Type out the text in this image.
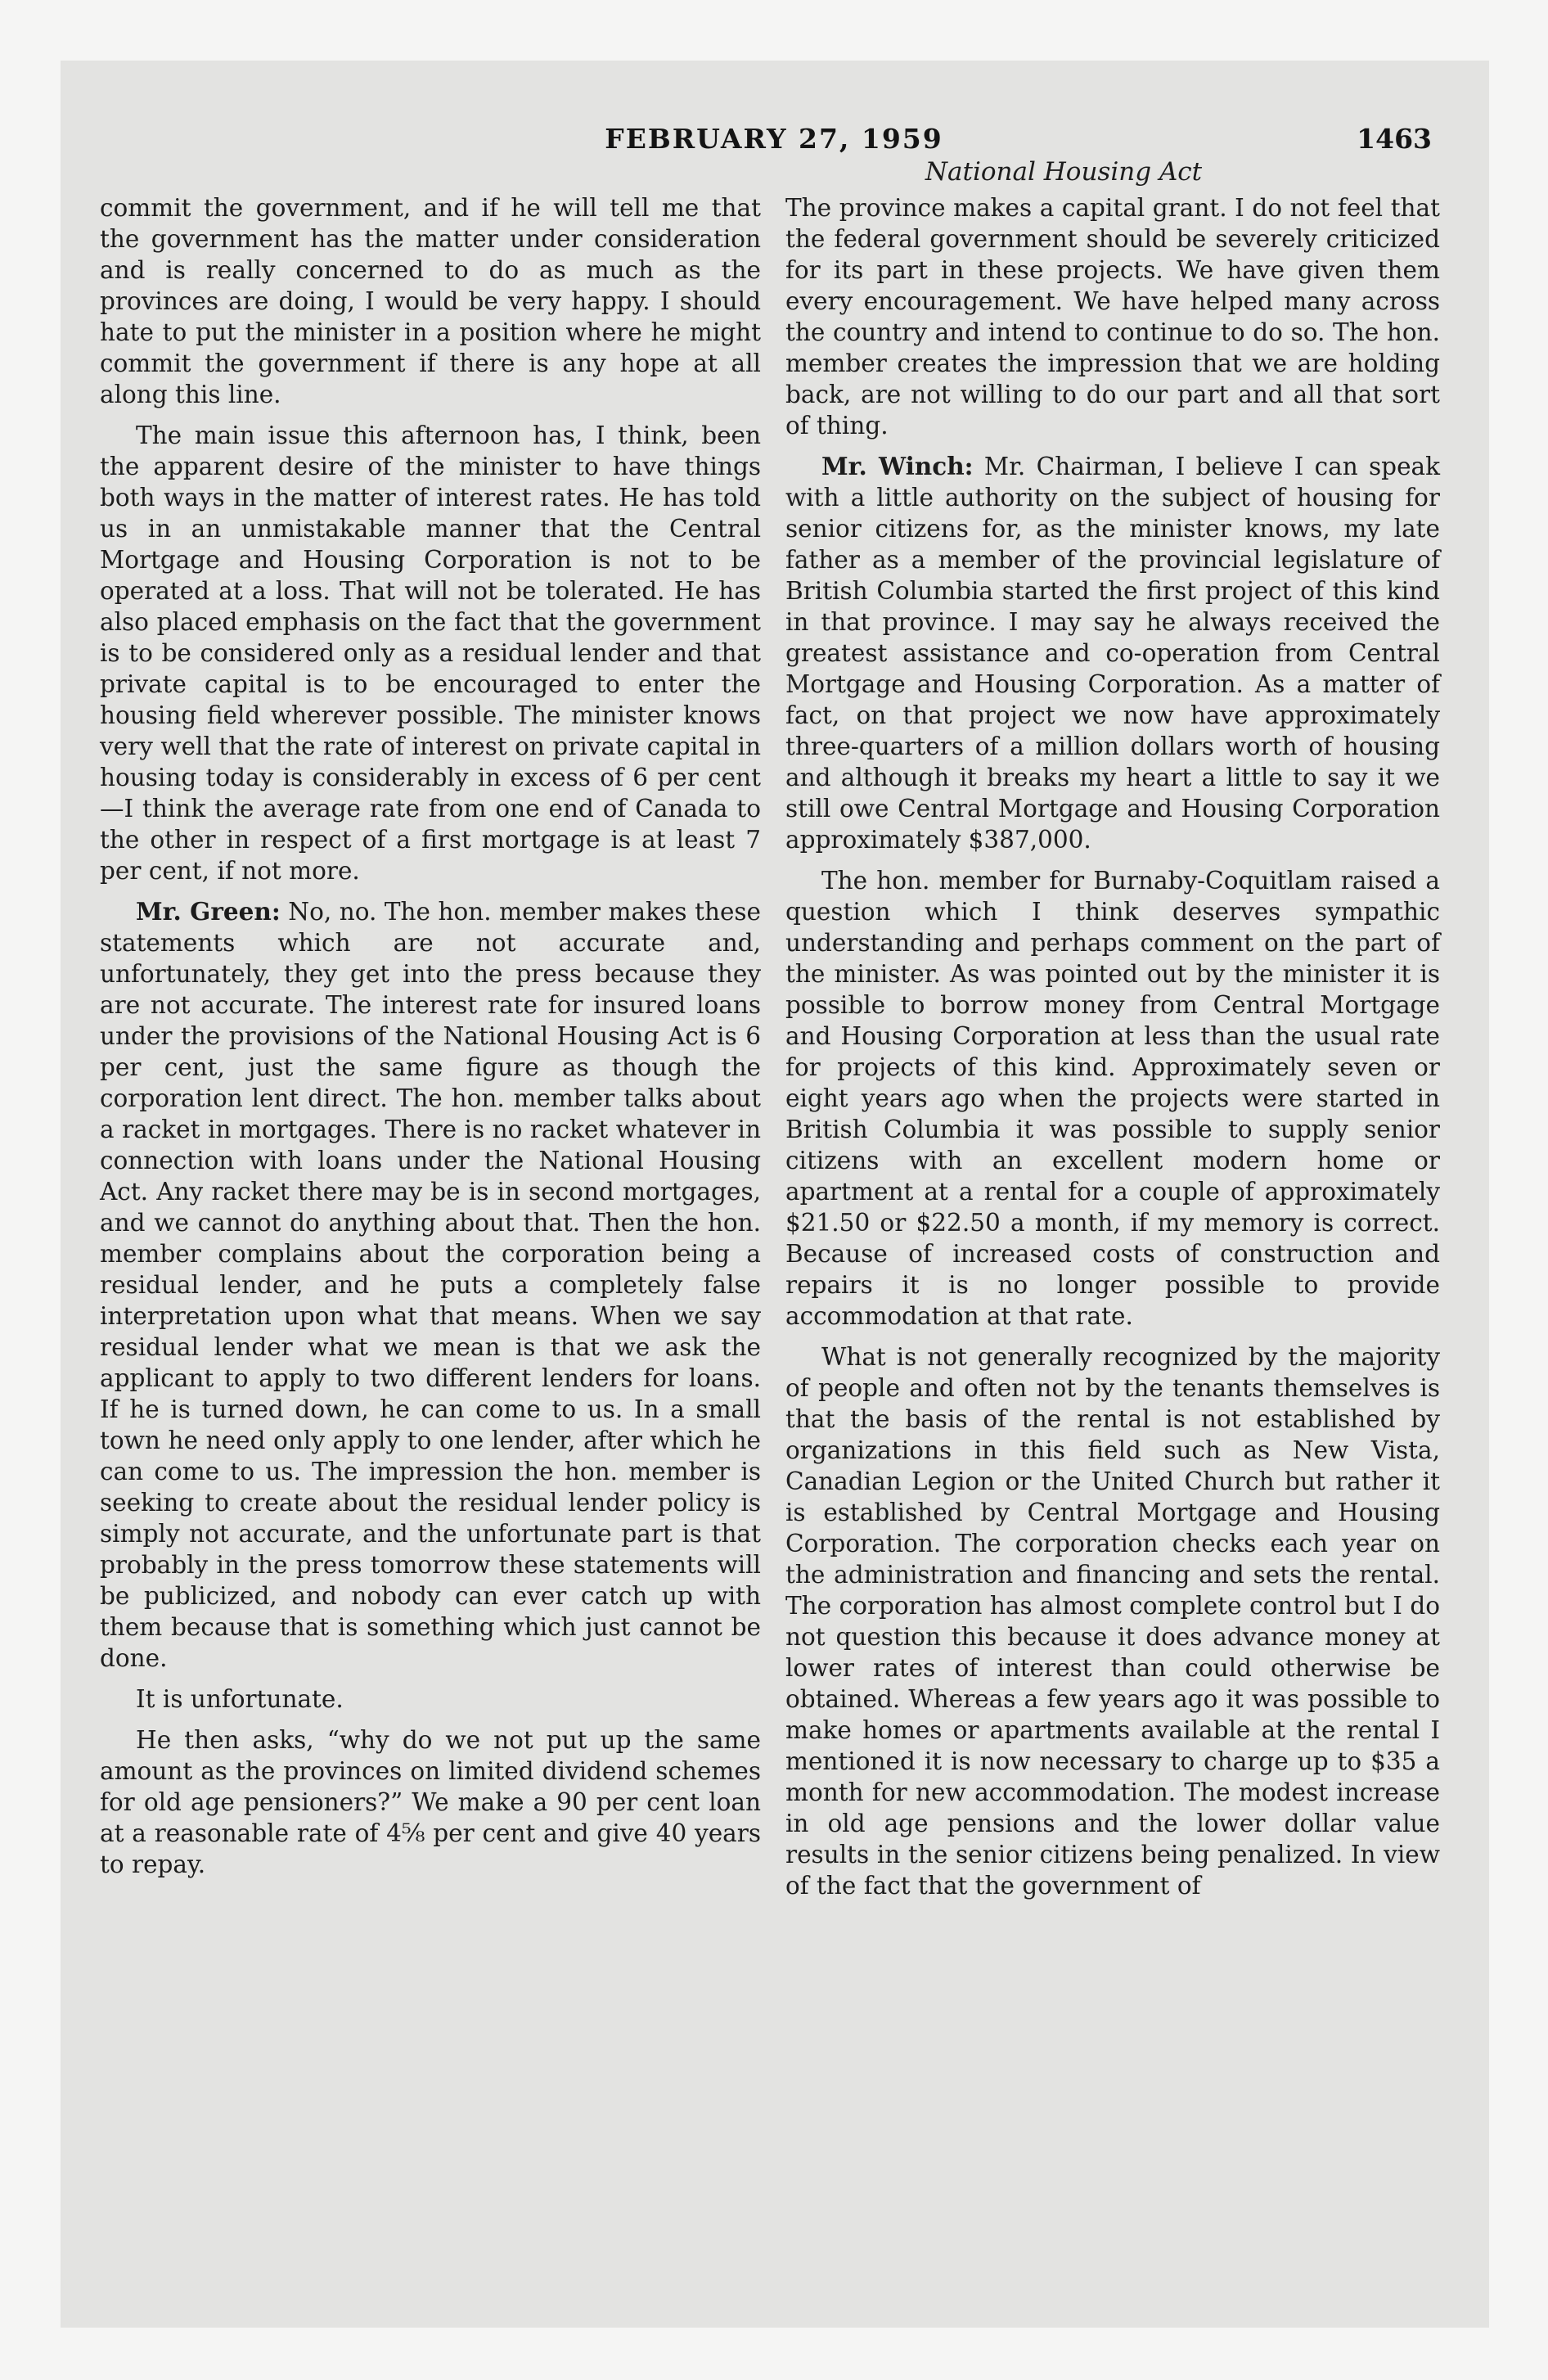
FEBRUARY 27, 1959	1463
National Housing Act

commit the government, and if he will tell me that the government has the matter under consideration and is really concerned to do as much as the provinces are doing, I would be very happy. I should hate to put the minister in a position where he might commit the government if there is any hope at all along this line.

The main issue this afternoon has, I think, been the apparent desire of the minister to have things both ways in the matter of interest rates. He has told us in an unmistakable manner that the Central Mortgage and Housing Corporation is not to be operated at a loss. That will not be tolerated. He has also placed emphasis on the fact that the government is to be considered only as a residual lender and that private capital is to be encouraged to enter the housing field wherever possible. The minister knows very well that the rate of interest on private capital in housing today is considerably in excess of 6 per cent—I think the average rate from one end of Canada to the other in respect of a first mortgage is at least 7 per cent, if not more.

Mr. Green: No, no. The hon. member makes these statements which are not accurate and, unfortunately, they get into the press because they are not accurate. The interest rate for insured loans under the provisions of the National Housing Act is 6 per cent, just the same figure as though the corporation lent direct. The hon. member talks about a racket in mortgages. There is no racket whatever in connection with loans under the National Housing Act. Any racket there may be is in second mortgages, and we cannot do anything about that. Then the hon. member complains about the corporation being a residual lender, and he puts a completely false interpretation upon what that means. When we say residual lender what we mean is that we ask the applicant to apply to two different lenders for loans. If he is turned down, he can come to us. In a small town he need only apply to one lender, after which he can come to us. The impression the hon. member is seeking to create about the residual lender policy is simply not accurate, and the unfortunate part is that probably in the press tomorrow these statements will be publicized, and nobody can ever catch up with them because that is something which just cannot be done.

It is unfortunate.

He then asks, “why do we not put up the same amount as the provinces on limited dividend schemes for old age pensioners?” We make a 90 per cent loan at a reasonable rate of 4⅝ per cent and give 40 years to repay.

The province makes a capital grant. I do not feel that the federal government should be severely criticized for its part in these projects. We have given them every encouragement. We have helped many across the country and intend to continue to do so. The hon. member creates the impression that we are holding back, are not willing to do our part and all that sort of thing.

Mr. Winch: Mr. Chairman, I believe I can speak with a little authority on the subject of housing for senior citizens for, as the minister knows, my late father as a member of the provincial legislature of British Columbia started the first project of this kind in that province. I may say he always received the greatest assistance and co-operation from Central Mortgage and Housing Corporation. As a matter of fact, on that project we now have approximately three-quarters of a million dollars worth of housing and although it breaks my heart a little to say it we still owe Central Mortgage and Housing Corporation approximately $387,000.

The hon. member for Burnaby-Coquitlam raised a question which I think deserves sympathic understanding and perhaps comment on the part of the minister. As was pointed out by the minister it is possible to borrow money from Central Mortgage and Housing Corporation at less than the usual rate for projects of this kind. Approximately seven or eight years ago when the projects were started in British Columbia it was possible to supply senior citizens with an excellent modern home or apartment at a rental for a couple of approximately $21.50 or $22.50 a month, if my memory is correct. Because of increased costs of construction and repairs it is no longer possible to provide accommodation at that rate.

What is not generally recognized by the majority of people and often not by the tenants themselves is that the basis of the rental is not established by organizations in this field such as New Vista, Canadian Legion or the United Church but rather it is established by Central Mortgage and Housing Corporation. The corporation checks each year on the administration and financing and sets the rental. The corporation has almost complete control but I do not question this because it does advance money at lower rates of interest than could otherwise be obtained. Whereas a few years ago it was possible to make homes or apartments available at the rental I mentioned it is now necessary to charge up to $35 a month for new accommodation. The modest increase in old age pensions and the lower dollar value results in the senior citizens being penalized. In view of the fact that the government of
